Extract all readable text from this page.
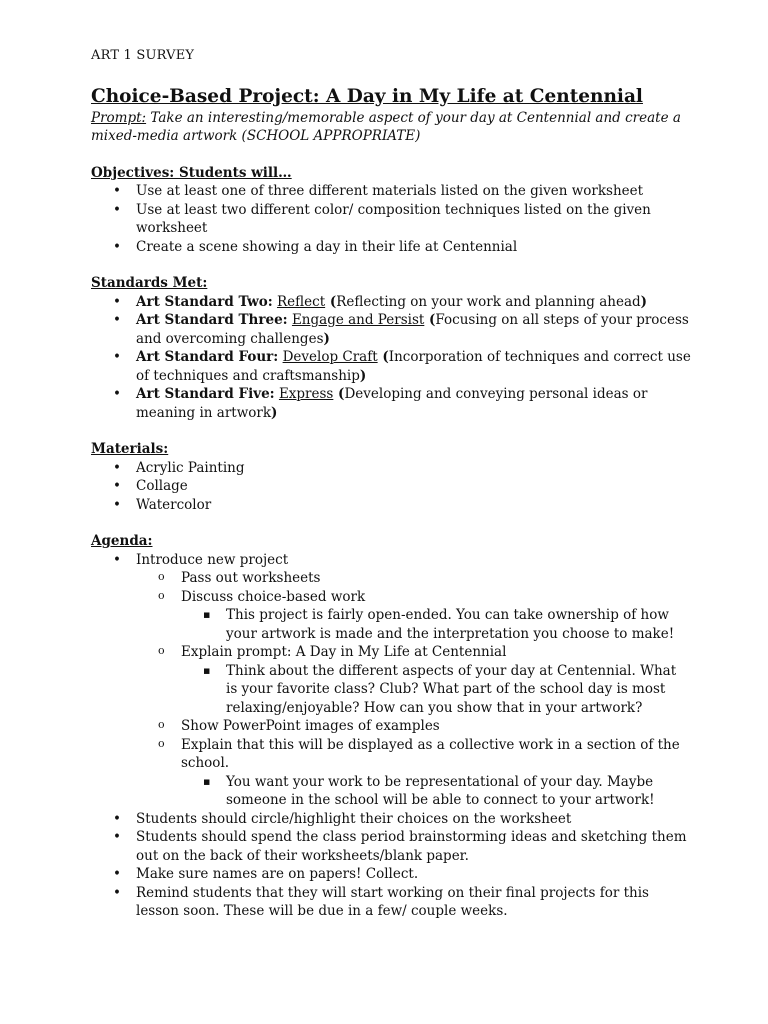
ART 1 SURVEY
Choice-Based Project: A Day in My Life at Centennial

Prompt: Take an interesting/memorable aspect of your day at Centennial and create a mixed-media artwork (SCHOOL APPROPRIATE)

Objectives: Students will…

• Use at least one of three different materials listed on the given worksheet
• Use at least two different color/ composition techniques listed on the given worksheet
• Create a scene showing a day in their life at Centennial

Standards Met:

• Art Standard Two: Reflect (Reflecting on your work and planning ahead)
• Art Standard Three: Engage and Persist (Focusing on all steps of your process and overcoming challenges)
• Art Standard Four: Develop Craft (Incorporation of techniques and correct use of techniques and craftsmanship)
• Art Standard Five: Express (Developing and conveying personal ideas or meaning in artwork)

Materials:

• Acrylic Painting
• Collage
• Watercolor

Agenda:

• Introduce new project
o Pass out worksheets
o Discuss choice-based work
▪ This project is fairly open-ended. You can take ownership of how your artwork is made and the interpretation you choose to make!
o Explain prompt: A Day in My Life at Centennial
▪ Think about the different aspects of your day at Centennial. What is your favorite class? Club? What part of the school day is most relaxing/enjoyable? How can you show that in your artwork?
o Show PowerPoint images of examples
o Explain that this will be displayed as a collective work in a section of the school.
▪ You want your work to be representational of your day. Maybe someone in the school will be able to connect to your artwork!
• Students should circle/highlight their choices on the worksheet
• Students should spend the class period brainstorming ideas and sketching them out on the back of their worksheets/blank paper.
• Make sure names are on papers! Collect.
• Remind students that they will start working on their final projects for this lesson soon. These will be due in a few/ couple weeks.
